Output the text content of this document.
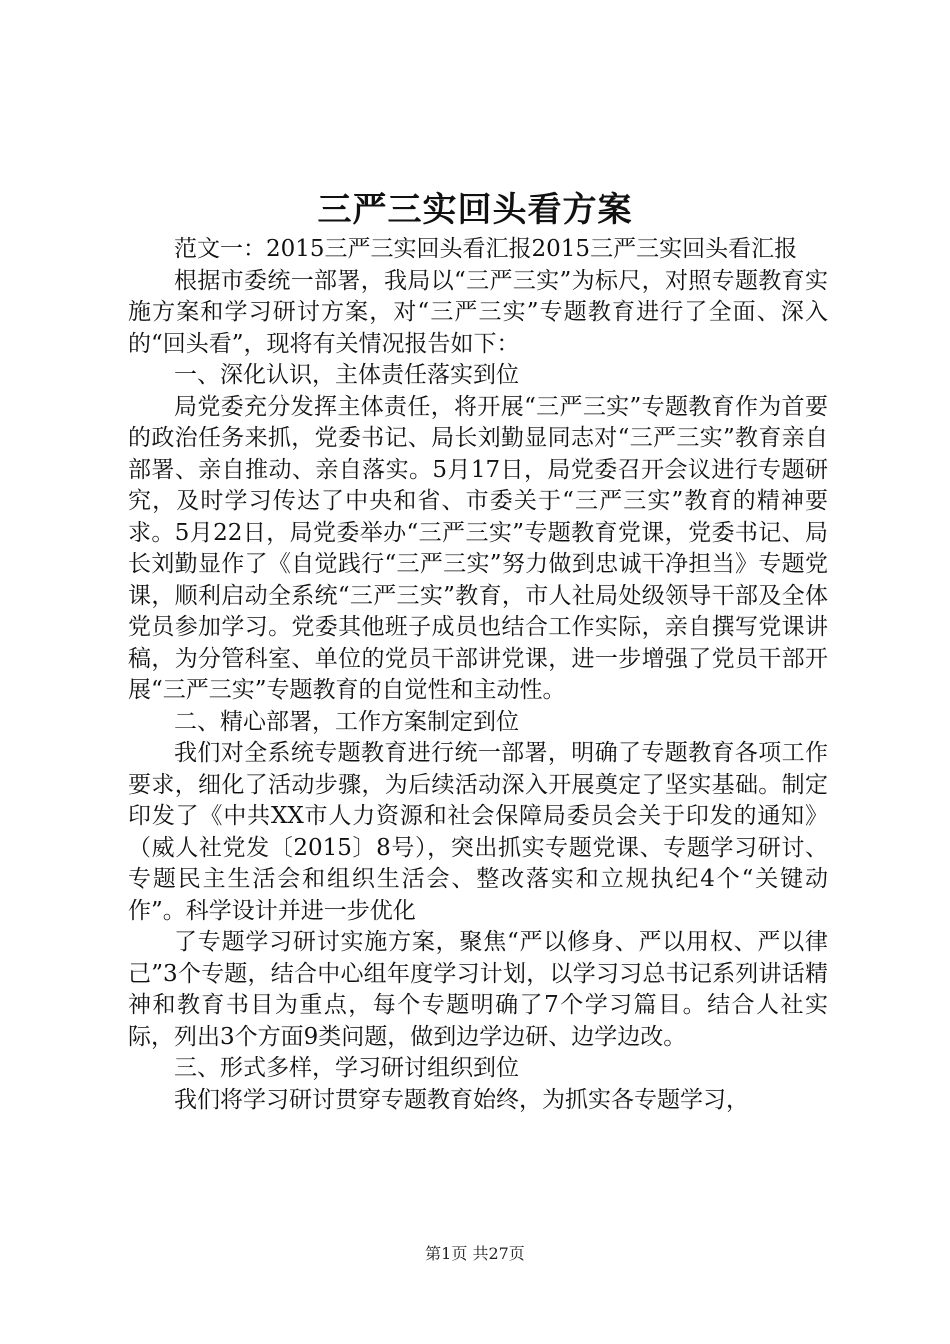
三严三实回头看方案

范文一：2015三严三实回头看汇报2015三严三实回头看汇报

根据市委统一部署，我局以“三严三实”为标尺，对照专题教育实施方案和学习研讨方案，对“三严三实”专题教育进行了全面、深入的“回头看”，现将有关情况报告如下：

一、深化认识，主体责任落实到位

局党委充分发挥主体责任，将开展“三严三实”专题教育作为首要的政治任务来抓，党委书记、局长刘勤显同志对“三严三实”教育亲自部署、亲自推动、亲自落实。5月17日，局党委召开会议进行专题研究，及时学习传达了中央和省、市委关于“三严三实”教育的精神要求。5月22日，局党委举办“三严三实”专题教育党课，党委书记、局长刘勤显作了《自觉践行“三严三实”努力做到忠诚干净担当》专题党课，顺利启动全系统“三严三实”教育，市人社局处级领导干部及全体党员参加学习。党委其他班子成员也结合工作实际，亲自撰写党课讲稿，为分管科室、单位的党员干部讲党课，进一步增强了党员干部开展“三严三实”专题教育的自觉性和主动性。

二、精心部署，工作方案制定到位

我们对全系统专题教育进行统一部署，明确了专题教育各项工作要求，细化了活动步骤，为后续活动深入开展奠定了坚实基础。制定印发了《中共XX市人力资源和社会保障局委员会关于印发的通知》（威人社党发〔2015〕8号），突出抓实专题党课、专题学习研讨、专题民主生活会和组织生活会、整改落实和立规执纪4个“关键动作”。科学设计并进一步优化

了专题学习研讨实施方案，聚焦“严以修身、严以用权、严以律己”3个专题，结合中心组年度学习计划，以学习习总书记系列讲话精神和教育书目为重点，每个专题明确了7个学习篇目。结合人社实际，列出3个方面9类问题，做到边学边研、边学边改。

三、形式多样，学习研讨组织到位

我们将学习研讨贯穿专题教育始终，为抓实各专题学习，

第1页 共27页
